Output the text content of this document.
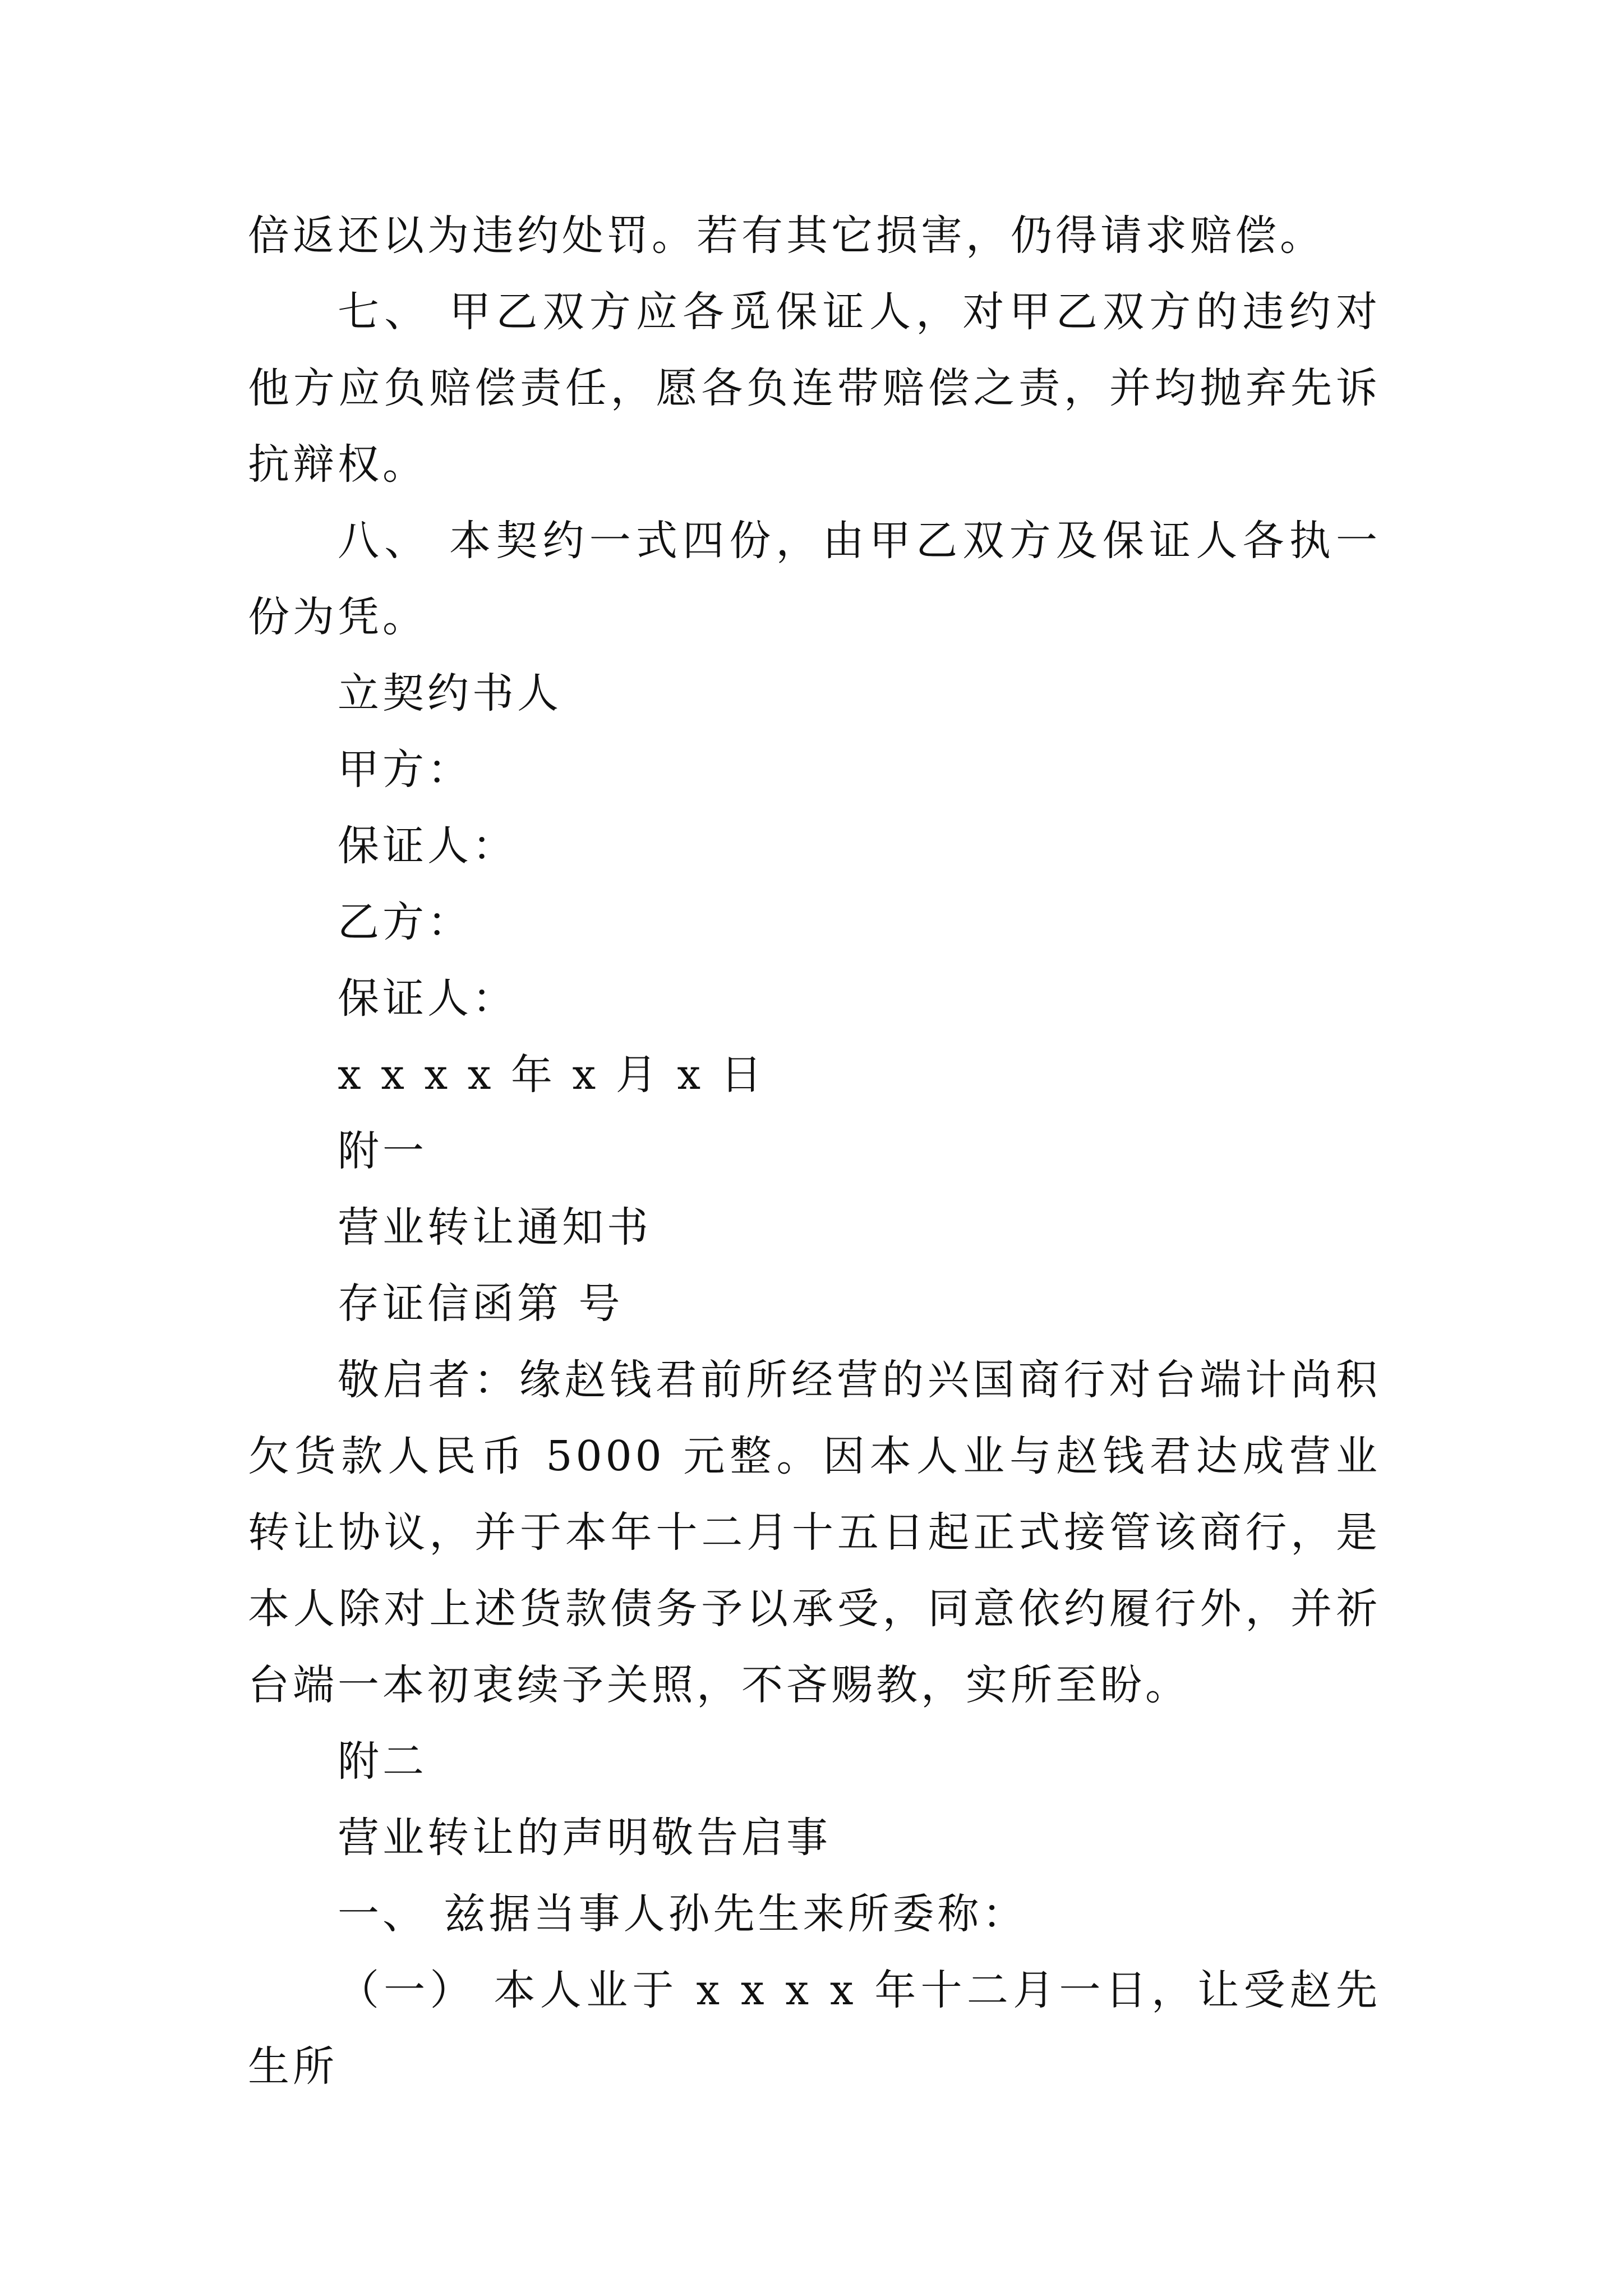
倍返还以为违约处罚。若有其它损害，仍得请求赔偿。

七、 甲乙双方应各觅保证人，对甲乙双方的违约对他方应负赔偿责任，愿各负连带赔偿之责，并均抛弃先诉抗辩权。

八、 本契约一式四份，由甲乙双方及保证人各执一份为凭。

立契约书人

甲方：

保证人：

乙方：

保证人：

x x x x 年 x 月 x 日

附一

营业转让通知书

存证信函第 号

敬启者：缘赵钱君前所经营的兴国商行对台端计尚积欠货款人民币 5000 元整。因本人业与赵钱君达成营业转让协议，并于本年十二月十五日起正式接管该商行，是本人除对上述货款债务予以承受，同意依约履行外，并祈台端一本初衷续予关照，不吝赐教，实所至盼。

附二

营业转让的声明敬告启事

一、 兹据当事人孙先生来所委称：

（一） 本人业于 x x x x 年十二月一日，让受赵先生所
